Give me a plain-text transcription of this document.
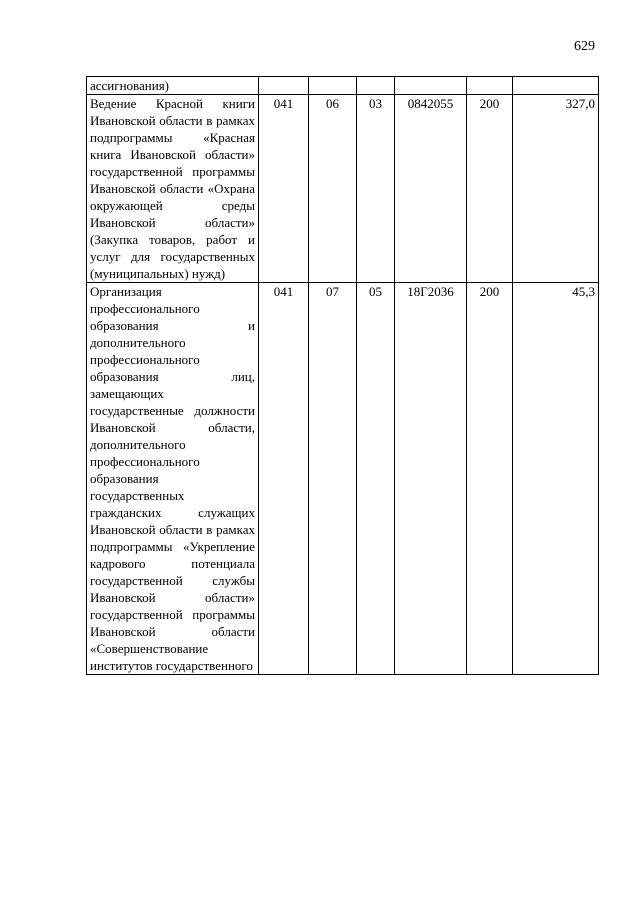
629
ассигнования)						
Ведение Красной книги Ивановской области в рамках подпрограммы «Красная книга Ивановской области» государственной программы Ивановской области «Охрана окружающей среды Ивановской области» (Закупка товаров, работ и услуг для государственных (муниципальных) нужд)	041	06	03	0842055	200	327,0
Организация профессионального образования и дополнительного профессионального образования лиц, замещающих государственные должности Ивановской области, дополнительного профессионального образования государственных гражданских служащих Ивановской области в рамках подпрограммы «Укрепление кадрового потенциала государственной службы Ивановской области» государственной программы Ивановской области «Совершенствование институтов государственного	041	07	05	18Г2036	200	45,3
